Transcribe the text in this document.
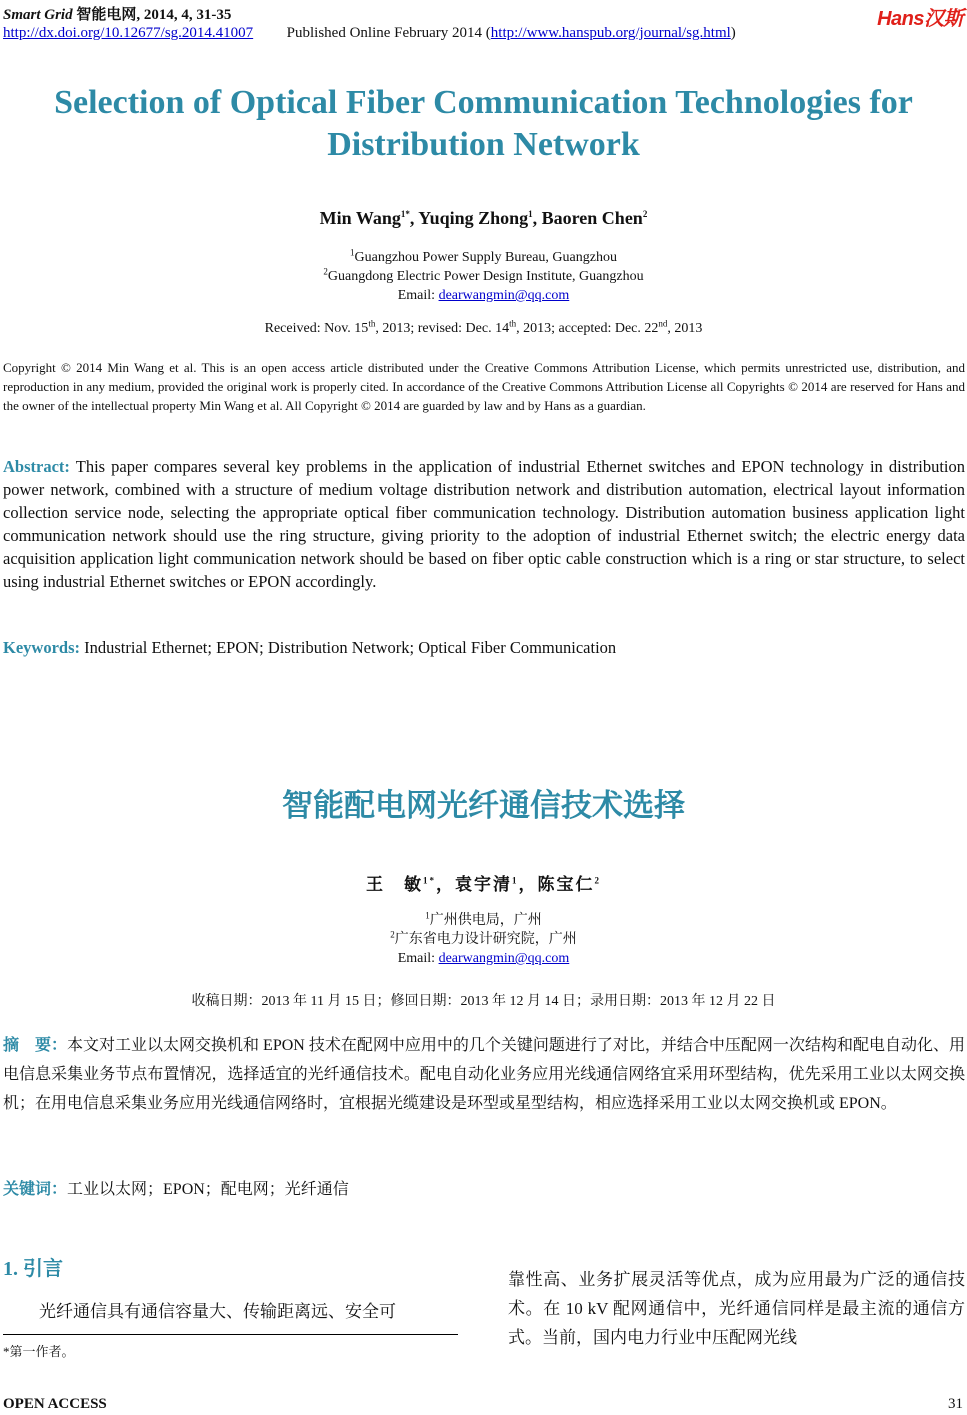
Smart Grid 智能电网, 2014, 4, 31-35
http://dx.doi.org/10.12677/sg.2014.41007 Published Online February 2014 (http://www.hanspub.org/journal/sg.html)
Hans汉斯
Selection of Optical Fiber Communication Technologies for
Distribution Network
Min Wang$^{1*}$, Yuqing Zhong$^1$, Baoren Chen$^2$
$^1$Guangzhou Power Supply Bureau, Guangzhou
$^2$Guangdong Electric Power Design Institute, Guangzhou
Email: dearwangmin@qq.com
Received: Nov. 15th, 2013; revised: Dec. 14th, 2013; accepted: Dec. 22nd, 2013
Copyright © 2014 Min Wang et al. This is an open access article distributed under the Creative Commons Attribution License, which permits unrestricted use, distribution, and reproduction in any medium, provided the original work is properly cited. In accordance of the Creative Commons Attribution License all Copyrights © 2014 are reserved for Hans and the owner of the intellectual property Min Wang et al. All Copyright © 2014 are guarded by law and by Hans as a guardian.
Abstract: This paper compares several key problems in the application of industrial Ethernet switches and EPON technology in distribution power network, combined with a structure of medium voltage distribution network and distribution automation, electrical layout information collection service node, selecting the appropriate optical fiber communication technology. Distribution automation business application light communication network should use the ring structure, giving priority to the adoption of industrial Ethernet switch; the electric energy data acquisition application light communication network should be based on fiber optic cable construction which is a ring or star structure, to select using industrial Ethernet switches or EPON accordingly.
Keywords: Industrial Ethernet; EPON; Distribution Network; Optical Fiber Communication
智能配电网光纤通信技术选择
王　敏$^{1*}$，袁宇清$^1$，陈宝仁$^2$
$^1$广州供电局，广州
$^2$广东省电力设计研究院，广州
Email: dearwangmin@qq.com
收稿日期：2013 年 11 月 15 日；修回日期：2013 年 12 月 14 日；录用日期：2013 年 12 月 22 日
摘　要：本文对工业以太网交换机和 EPON 技术在配网中应用中的几个关键问题进行了对比，并结合中压配网一次结构和配电自动化、用电信息采集业务节点布置情况，选择适宜的光纤通信技术。配电自动化业务应用光线通信网络宜采用环型结构，优先采用工业以太网交换机；在用电信息采集业务应用光线通信网络时，宜根据光缆建设是环型或星型结构，相应选择采用工业以太网交换机或 EPON。
关键词：工业以太网；EPON；配电网；光纤通信
1. 引言
光纤通信具有通信容量大、传输距离远、安全可
靠性高、业务扩展灵活等优点，成为应用最为广泛的通信技术。在 10 kV 配网通信中，光纤通信同样是最主流的通信方式。当前，国内电力行业中压配网光线
*第一作者。
OPEN ACCESS	31
